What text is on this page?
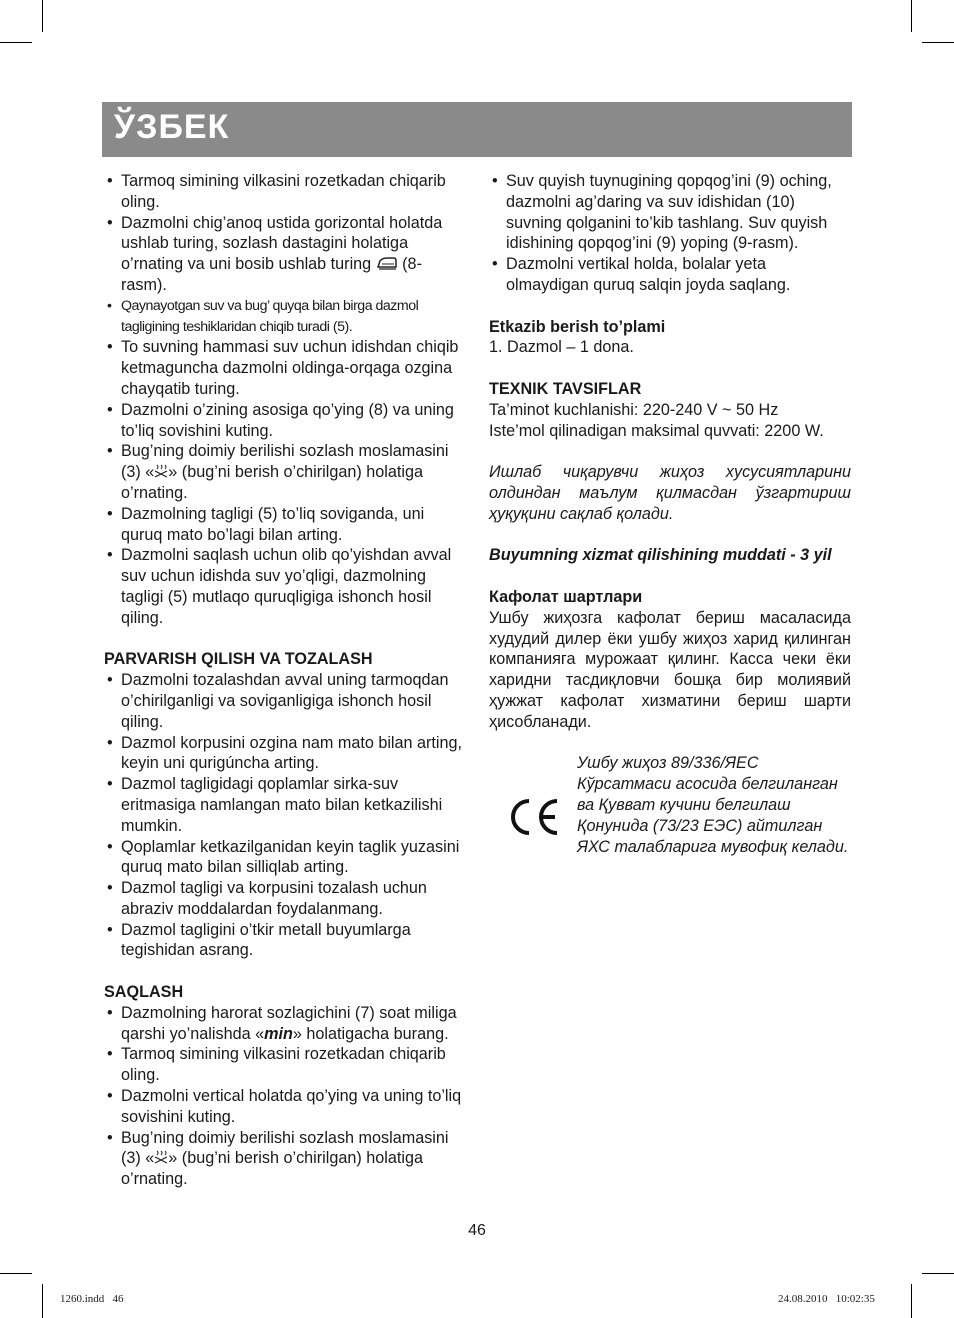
ЎЗБЕК
• Tarmoq simining vilkasini rozetkadan chiqarib oling.
• Dazmolni chig’anoq ustida gorizontal holatda ushlab turing, sozlash dastagini holatiga o’rnating va uni bosib ushlab turing  (8-rasm).
• Qaynayotgan suv va bug’ quyqa bilan birga dazmol tagligining teshiklaridan chiqib turadi (5).
• To suvning hammasi suv uchun idishdan chiqib ketmaguncha dazmolni oldinga-orqaga ozgina chayqatib turing.
• Dazmolni o’zining asosiga qo’ying (8) va uning to’liq sovishini kuting.
• Bug’ning doimiy berilishi sozlash moslamasini (3) « » (bug’ni berish o’chirilgan) holatiga o’rnating.
• Dazmolning tagligi (5) to’liq soviganda, uni quruq mato bo’lagi bilan arting.
• Dazmolni saqlash uchun olib qo’yishdan avval suv uchun idishda suv yo’qligi, dazmolning tagligi (5) mutlaqo quruqligiga ishonch hosil qiling.

PARVARISH QILISH VA TOZALASH

• Dazmolni tozalashdan avval uning tarmoqdan o’chirilganligi va soviganligiga ishonch hosil qiling.
• Dazmol korpusini ozgina nam mato bilan arting, keyin uni qurigúncha arting.
• Dazmol tagligidagi qoplamlar sirka-suv eritmasiga namlangan mato bilan ketkazilishi mumkin.
• Qoplamlar ketkazilganidan keyin taglik yuzasini quruq mato bilan silliqlab arting.
• Dazmol tagligi va korpusini tozalash uchun abraziv moddalardan foydalanmang.
• Dazmol tagligini o’tkir metall buyumlarga tegishidan asrang.

SAQLASH

• Dazmolning harorat sozlagichini (7) soat miliga qarshi yo’nalishda «min» holatigacha burang.
• Tarmoq simining vilkasini rozetkadan chiqarib oling.
• Dazmolni vertical holatda qo’ying va uning to’liq sovishini kuting.
• Bug’ning doimiy berilishi sozlash moslamasini (3) « » (bug’ni berish o’chirilgan) holatiga o’rnating.
• Suv quyish tuynugining qopqog’ini (9) oching, dazmolni ag’daring va suv idishidan (10) suvning qolganini to’kib tashlang. Suv quyish idishining qopqog’ini (9) yoping (9-rasm).
• Dazmolni vertikal holda, bolalar yeta olmaydigan quruq salqin joyda saqlang.

Etkazib berish to’plami

1. Dazmol – 1 dona.

TEXNIK TAVSIFLAR

Ta’minot kuchlanishi: 220-240 V ~ 50 Hz

Iste’mol qilinadigan maksimal quvvati: 2200 W.

Ишлаб чиқарувчи жиҳоз хусусиятларини олдиндан маълум қилмасдан ўзгартириш ҳуқуқини сақлаб қолади.

Buyumning xizmat qilishining muddati - 3 yil

Кафолат шартлари

Ушбу жиҳозга кафолат бериш масаласида худудий дилер ёки ушбу жиҳоз харид қилинган компанияга мурожаат қилинг. Касса чеки ёки харидни тасдиқловчи бошқа бир молиявий ҳужжат кафолат хизматини бериш шарти ҳисобланади.

CE
Ушбу жиҳоз 89/336/ЯЕС Кўрсатмаси асосида белгиланган ва Қувват кучини белгилаш Қонунида (73/23 ЕЭС) айтилган ЯХС талабларига мувофиқ келади.
46
1260.indd   46	24.08.2010   10:02:35
